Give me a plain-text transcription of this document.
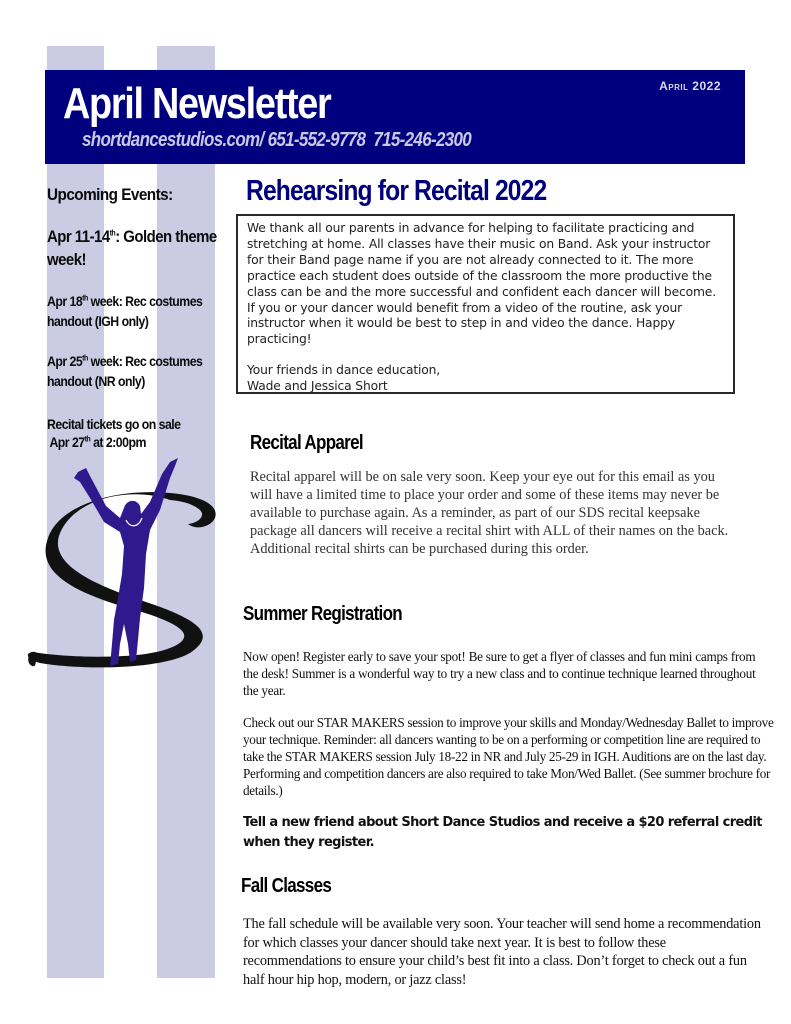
April Newsletter
shortdancestudios.com/ 651-552-9778  715-246-2300
April 2022
Upcoming Events:
Apr 11-14th: Golden theme
week!
Apr 18th week: Rec costumes
handout (IGH only)
Apr 25th week: Rec costumes
handout (NR only)
Recital tickets go on sale
Apr 27th at 2:00pm
Rehearsing for Recital 2022

We thank all our parents in advance for helping to facilitate practicing and stretching at home. All classes have their music on Band. Ask your instructor for their Band page name if you are not already connected to it. The more practice each student does outside of the classroom the more productive the class can be and the more successful and confident each dancer will become. If you or your dancer would benefit from a video of the routine, ask your instructor when it would be best to step in and video the dance. Happy practicing!

Your friends in dance education,

Wade and Jessica Short

Recital Apparel
Recital apparel will be on sale very soon. Keep your eye out for this email as you will have a limited time to place your order and some of these items may never be available to purchase again. As a reminder, as part of our SDS recital keepsake package all dancers will receive a recital shirt with ALL of their names on the back. Additional recital shirts can be purchased during this order.
Summer Registration
Now open! Register early to save your spot! Be sure to get a flyer of classes and fun mini camps from the desk! Summer is a wonderful way to try a new class and to continue technique learned throughout the year.
Check out our STAR MAKERS session to improve your skills and Monday/Wednesday Ballet to improve your technique. Reminder: all dancers wanting to be on a performing or competition line are required to take the STAR MAKERS session July 18-22 in NR and July 25-29 in IGH. Auditions are on the last day. Performing and competition dancers are also required to take Mon/Wed Ballet. (See summer brochure for details.)
Tell a new friend about Short Dance Studios and receive a $20 referral credit when they register.
Fall Classes
The fall schedule will be available very soon. Your teacher will send home a recommendation for which classes your dancer should take next year. It is best to follow these recommendations to ensure your child’s best fit into a class. Don’t forget to check out a fun half hour hip hop, modern, or jazz class!
